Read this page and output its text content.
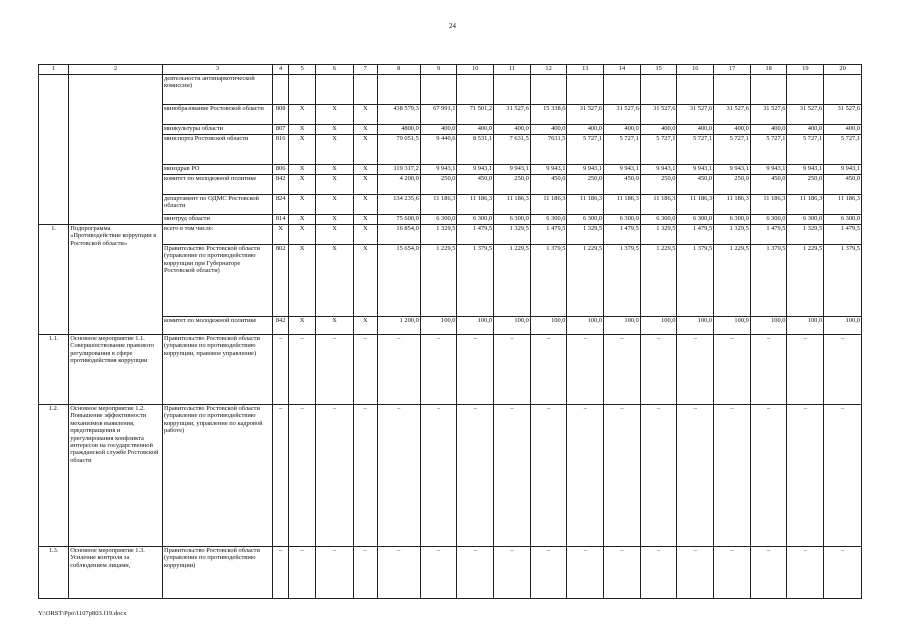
24
1	2	3	4	5	6	7	8	9	10	11	12	13	14	15	16	17	18	19	20
		деятельности антинаркотической комиссии)																	
		минобразование Ростовской области	808	Х	Х	Х	438 579,3	67 991,1	71 501,2	31 527,6	15 338,6	31 527,6	31 527,6	31 527,6	31 527,6	31 527,6	31 527,6	31 527,6	31 527,6
		минкультуры области	807	Х	Х	Х	4800,0	400,0	400,0	400,0	400,0	400,0	400,0	400,0	400,0	400,0	400,0	400,0	400,0
		минспорта Ростовской области	816	Х	Х	Х	79 051,5	9 440,6	8 531,1	7 631,5	7631,5	5 727,1	5 727,1	5 727,1	5 727,1	5 727,1	5 727,1	5 727,1	5 727,1
		минздрав РО	806	Х	Х	Х	119 317,2	9 943,1	9 943,1	9 943,1	9 943,1	9 943,1	9 943,1	9 943,1	9 943,1	9 943,1	9 943,1	9 943,1	9 943,1
		комитет по молодежной политике	842	Х	Х	Х	4 200,0	250,0	450,0	250,0	450,0	250,0	450,0	250,0	450,0	250,0	450,0	250,0	450,0
		департамент по ОДМС Ростовской области	824	Х	Х	Х	134 235,6	11 186,3	11 186,3	11 186,3	11 186,3	11 186,3	11 186,3	11 186,3	11 186,3	11 186,3	11 186,3	11 186,3	11 186,3
		минтруд области	814	Х	Х	Х	75 600,0	6 300,0	6 300,0	6 300,0	6 300,0	6 300,0	6 300,0	6 300,0	6 300,0	6 300,0	6 300,0	6 300,0	6 300,0
1.	Подпрограмма «Противодействие коррупции в Ростовской области»	всего в том числе:	Х	Х	Х	Х	16 854,0	1 329,5	1 479,5	1 329,5	1 479,5	1 329,5	1 479,5	1 329,5	1 479,5	1 329,5	1 479,5	1 329,5	1 479,5
		Правительство Ростовской области (управление по противодействию коррупции при Губернаторе Ростовской области)	802	Х	Х	Х	15 654,0	1 229,5	1 379,5	1 229,5	1 379,5	1 229,5	1 379,5	1 229,5	1 379,5	1 229,5	1 379,5	1 229,5	1 379,5
		комитет по молодежной политике	842	Х	Х	Х	1 200,0	100,0	100,0	100,0	100,0	100,0	100,0	100,0	100,0	100,0	100,0	100,0	100,0
1.1.	Основное мероприятие 1.1. Совершенствование правового регулирования в сфере противодействия коррупции	Правительство Ростовской области (управление по противодействию коррупции, правовое управление)	–	–	–	–	–	–	–	–	–	–	–	–	–	–	–	–	–
1.2.	Основное мероприятие 1.2. Повышение эффективности механизмов выявления, предотвращения и урегулирования конфликта интересов на государственной гражданской службе Ростовской области	Правительство Ростовской области (управление по противодействию коррупции, управление по кадровой работе)	–	–	–	–	–	–	–	–	–	–	–	–	–	–	–	–	–
1.3.	Основное мероприятие 1.3. Усиление контроля за соблюдением лицами,	Правительство Ростовской области (управление по противодействию коррупции)	–	–	–	–	–	–	–	–	–	–	–	–	–	–	–	–	–
Y:\ORST\Ppo\1107p803.f19.docx
